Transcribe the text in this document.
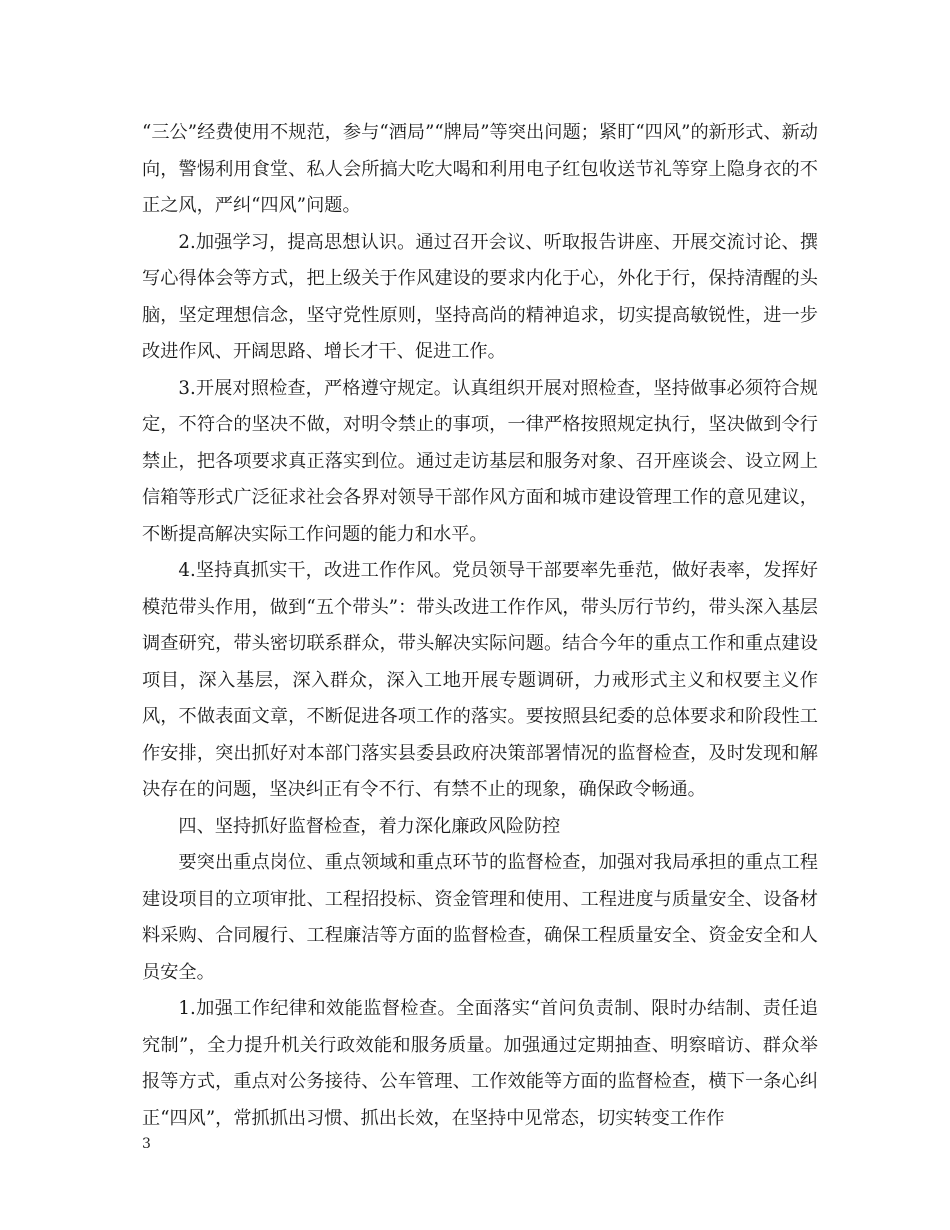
“三公”经费使用不规范，参与“酒局”“牌局”等突出问题；紧盯“四风”的新形式、新动向，警惕利用食堂、私人会所搞大吃大喝和利用电子红包收送节礼等穿上隐身衣的不正之风，严纠“四风”问题。

2.加强学习，提高思想认识。通过召开会议、听取报告讲座、开展交流讨论、撰写心得体会等方式，把上级关于作风建设的要求内化于心，外化于行，保持清醒的头脑，坚定理想信念，坚守党性原则，坚持高尚的精神追求，切实提高敏锐性，进一步改进作风、开阔思路、增长才干、促进工作。

3.开展对照检查，严格遵守规定。认真组织开展对照检查，坚持做事必须符合规定，不符合的坚决不做，对明令禁止的事项，一律严格按照规定执行，坚决做到令行禁止，把各项要求真正落实到位。通过走访基层和服务对象、召开座谈会、设立网上信箱等形式广泛征求社会各界对领导干部作风方面和城市建设管理工作的意见建议，不断提高解决实际工作问题的能力和水平。

4.坚持真抓实干，改进工作作风。党员领导干部要率先垂范，做好表率，发挥好模范带头作用，做到“五个带头”：带头改进工作作风，带头厉行节约，带头深入基层调查研究，带头密切联系群众，带头解决实际问题。结合今年的重点工作和重点建设项目，深入基层，深入群众，深入工地开展专题调研，力戒形式主义和权要主义作风，不做表面文章，不断促进各项工作的落实。要按照县纪委的总体要求和阶段性工作安排，突出抓好对本部门落实县委县政府决策部署情况的监督检查，及时发现和解决存在的问题，坚决纠正有令不行、有禁不止的现象，确保政令畅通。

四、坚持抓好监督检查，着力深化廉政风险防控

要突出重点岗位、重点领域和重点环节的监督检查，加强对我局承担的重点工程建设项目的立项审批、工程招投标、资金管理和使用、工程进度与质量安全、设备材料采购、合同履行、工程廉洁等方面的监督检查，确保工程质量安全、资金安全和人员安全。

1.加强工作纪律和效能监督检查。全面落实“首问负责制、限时办结制、责任追究制”，全力提升机关行政效能和服务质量。加强通过定期抽查、明察暗访、群众举报等方式，重点对公务接待、公车管理、工作效能等方面的监督检查，横下一条心纠正“四风”，常抓抓出习惯、抓出长效，在坚持中见常态，切实转变工作作

3
